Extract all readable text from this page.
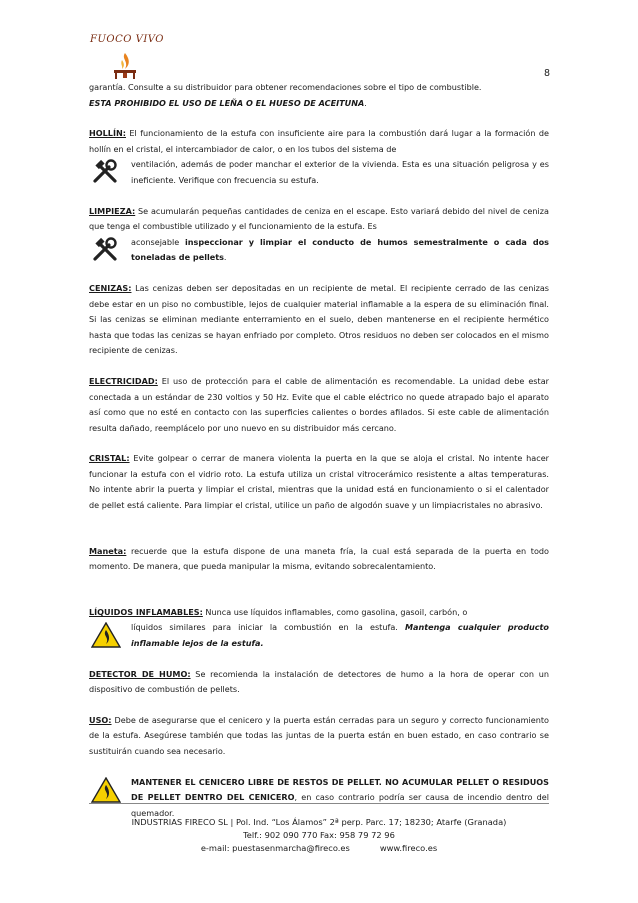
FUOCO VIVO
8

garantía. Consulte a su distribuidor para obtener recomendaciones sobre el tipo de combustible.
ESTA PROHIBIDO EL USO DE LEÑA O EL HUESO DE ACEITUNA.

HOLLÍN: El funcionamiento de la estufa con insuficiente aire para la combustión dará lugar a la formación de hollín en el cristal, el intercambiador de calor, o en los tubos del sistema de

ventilación, además de poder manchar el exterior de la vivienda. Esta es una situación peligrosa y es ineficiente. Verifique con frecuencia su estufa.

LIMPIEZA: Se acumularán pequeñas cantidades de ceniza en el escape. Esto variará debido del nivel de ceniza que tenga el combustible utilizado y el funcionamiento de la estufa. Es

aconsejable inspeccionar y limpiar el conducto de humos semestralmente o cada dos toneladas de pellets.

CENIZAS: Las cenizas deben ser depositadas en un recipiente de metal. El recipiente cerrado de las cenizas debe estar en un piso no combustible, lejos de cualquier material inflamable a la espera de su eliminación final. Si las cenizas se eliminan mediante enterramiento en el suelo, deben mantenerse en el recipiente hermético hasta que todas las cenizas se hayan enfriado por completo. Otros residuos no deben ser colocados en el mismo recipiente de cenizas.

ELECTRICIDAD: El uso de protección para el cable de alimentación es recomendable. La unidad debe estar conectada a un estándar de 230 voltios y 50 Hz. Evite que el cable eléctrico no quede atrapado bajo el aparato así como que no esté en contacto con las superficies calientes o bordes afilados. Si este cable de alimentación resulta dañado, reemplácelo por uno nuevo en su distribuidor más cercano.

CRISTAL: Evite golpear o cerrar de manera violenta la puerta en la que se aloja el cristal. No intente hacer funcionar la estufa con el vidrio roto. La estufa utiliza un cristal vitrocerámico resistente a altas temperaturas. No intente abrir la puerta y limpiar el cristal, mientras que la unidad está en funcionamiento o si el calentador de pellet está caliente. Para limpiar el cristal, utilice un paño de algodón suave y un limpiacristales no abrasivo.

Maneta: recuerde que la estufa dispone de una maneta fría, la cual está separada de la puerta en todo momento. De manera, que pueda manipular la misma, evitando sobrecalentamiento.

LÍQUIDOS INFLAMABLES: Nunca use líquidos inflamables, como gasolina, gasoil, carbón, o

líquidos similares para iniciar la combustión en la estufa. Mantenga cualquier producto inflamable lejos de la estufa.

DETECTOR DE HUMO: Se recomienda la instalación de detectores de humo a la hora de operar con un dispositivo de combustión de pellets.

USO: Debe de asegurarse que el cenicero y la puerta están cerradas para un seguro y correcto funcionamiento de la estufa. Asegúrese también que todas las juntas de la puerta están en buen estado, en caso contrario se sustituirán cuando sea necesario.

MANTENER EL CENICERO LIBRE DE RESTOS DE PELLET. NO ACUMULAR PELLET O RESIDUOS DE PELLET DENTRO DEL CENICERO, en caso contrario podría ser causa de incendio dentro del quemador.
INDUSTRIAS FIRECO SL | Pol. Ind. “Los Álamos” 2ª perp. Parc. 17; 18230; Atarfe (Granada)
Telf.: 902 090 770 Fax: 958 79 72 96
e-mail: puestasenmarcha@fireco.es	www.fireco.es
